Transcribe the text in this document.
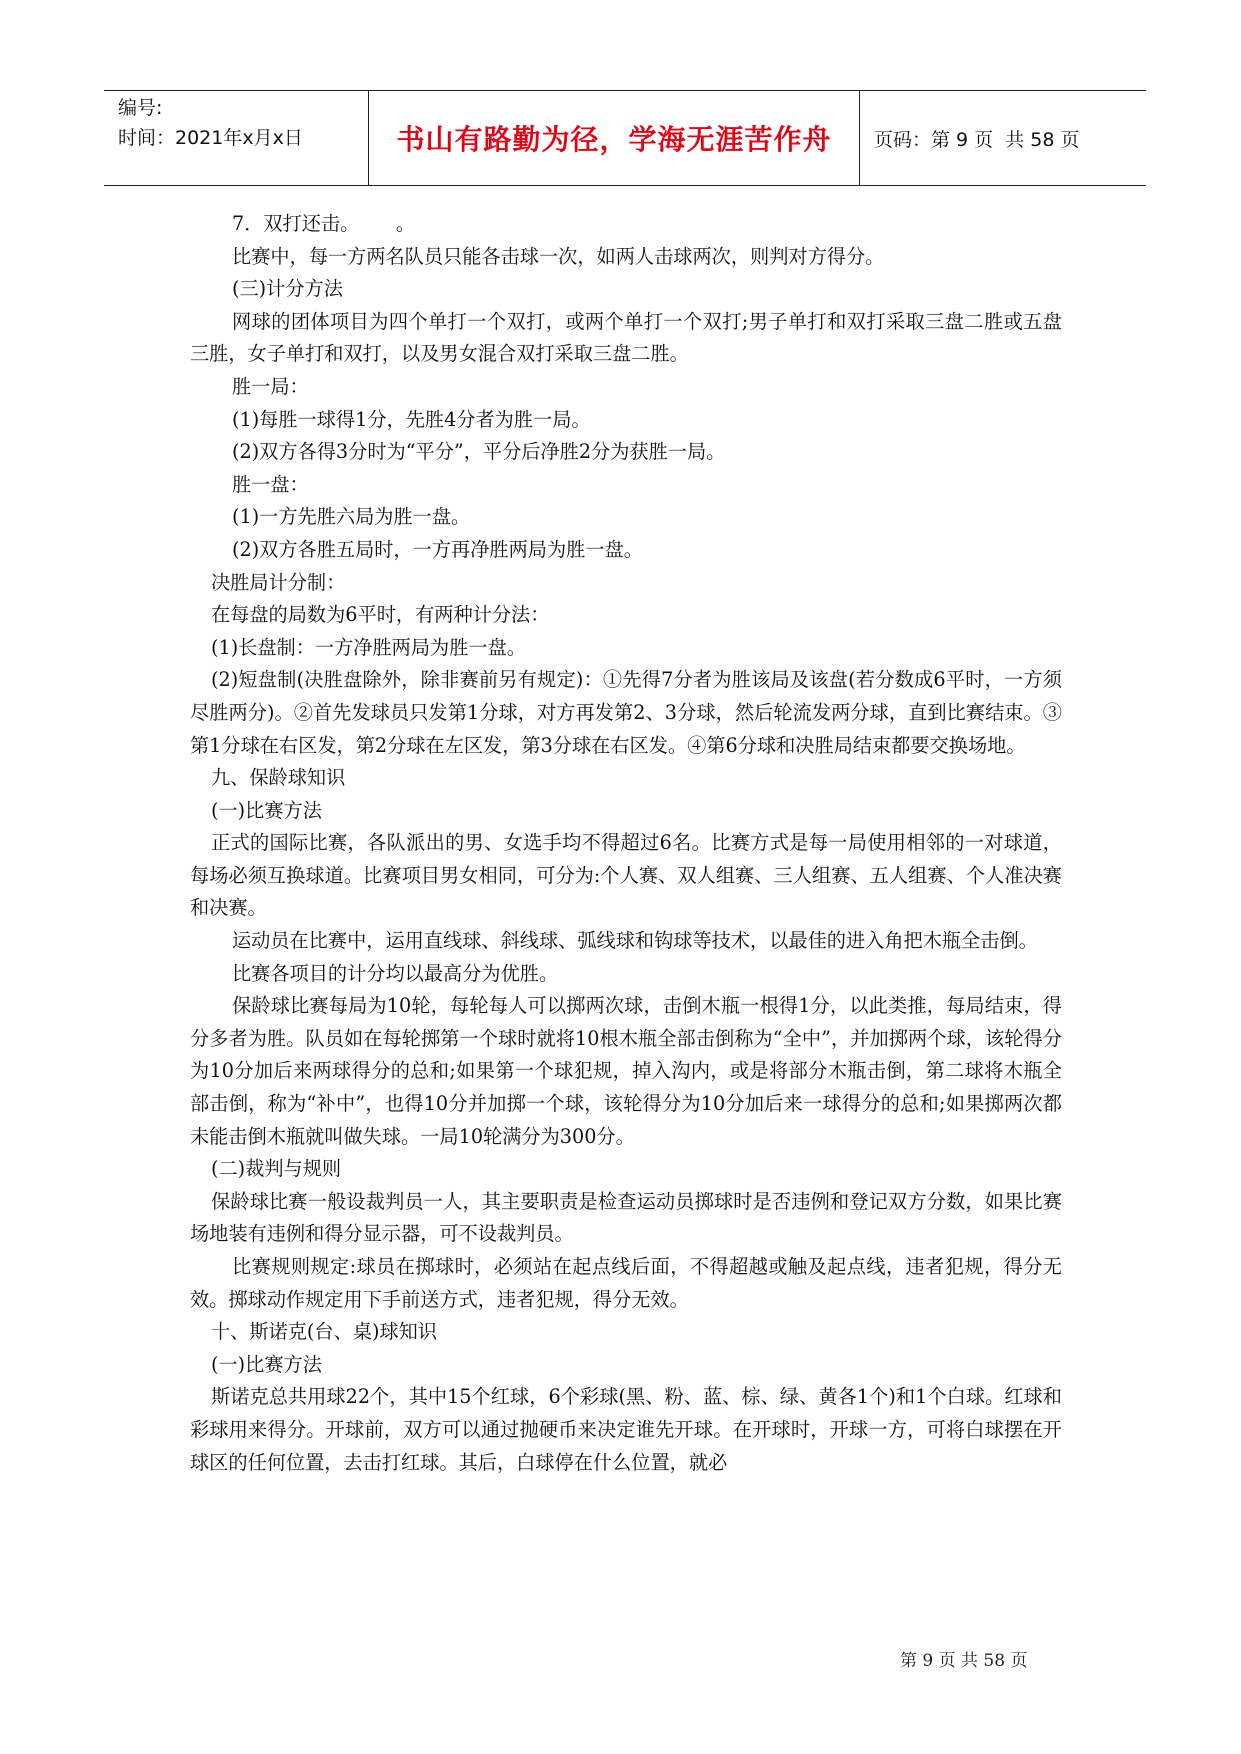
编号:
时间：2021年x月x日	书山有路勤为径，学海无涯苦作舟	页码：第 9 页  共 58 页

7．双打还击。      。

比赛中，每一方两名队员只能各击球一次，如两人击球两次，则判对方得分。

(三)计分方法

网球的团体项目为四个单打一个双打，或两个单打一个双打;男子单打和双打采取三盘二胜或五盘三胜，女子单打和双打，以及男女混合双打采取三盘二胜。

胜一局：

(1)每胜一球得1分，先胜4分者为胜一局。

(2)双方各得3分时为“平分”，平分后净胜2分为获胜一局。

胜一盘：

(1)一方先胜六局为胜一盘。

(2)双方各胜五局时，一方再净胜两局为胜一盘。

决胜局计分制：

在每盘的局数为6平时，有两种计分法：

(1)长盘制：一方净胜两局为胜一盘。

(2)短盘制(决胜盘除外，除非赛前另有规定)：①先得7分者为胜该局及该盘(若分数成6平时，一方须尽胜两分)。②首先发球员只发第1分球，对方再发第2、3分球，然后轮流发两分球，直到比赛结束。③第1分球在右区发，第2分球在左区发，第3分球在右区发。④第6分球和决胜局结束都要交换场地。

九、保龄球知识

(一)比赛方法

正式的国际比赛，各队派出的男、女选手均不得超过6名。比赛方式是每一局使用相邻的一对球道，每场必须互换球道。比赛项目男女相同，可分为:个人赛、双人组赛、三人组赛、五人组赛、个人准决赛和决赛。

运动员在比赛中，运用直线球、斜线球、弧线球和钩球等技术，以最佳的进入角把木瓶全击倒。

比赛各项目的计分均以最高分为优胜。

保龄球比赛每局为10轮，每轮每人可以掷两次球，击倒木瓶一根得1分，以此类推，每局结束，得分多者为胜。队员如在每轮掷第一个球时就将10根木瓶全部击倒称为“全中”，并加掷两个球，该轮得分为10分加后来两球得分的总和;如果第一个球犯规，掉入沟内，或是将部分木瓶击倒，第二球将木瓶全部击倒，称为“补中”，也得10分并加掷一个球，该轮得分为10分加后来一球得分的总和;如果掷两次都未能击倒木瓶就叫做失球。一局10轮满分为300分。

(二)裁判与规则

保龄球比赛一般设裁判员一人，其主要职责是检查运动员掷球时是否违例和登记双方分数，如果比赛场地装有违例和得分显示器，可不设裁判员。

比赛规则规定:球员在掷球时，必须站在起点线后面，不得超越或触及起点线，违者犯规，得分无效。掷球动作规定用下手前送方式，违者犯规，得分无效。

十、斯诺克(台、桌)球知识

(一)比赛方法

斯诺克总共用球22个，其中15个红球，6个彩球(黑、粉、蓝、棕、绿、黄各1个)和1个白球。红球和彩球用来得分。开球前，双方可以通过抛硬币来决定谁先开球。在开球时，开球一方，可将白球摆在开球区的任何位置，去击打红球。其后，白球停在什么位置，就必

第 9 页 共 58 页
